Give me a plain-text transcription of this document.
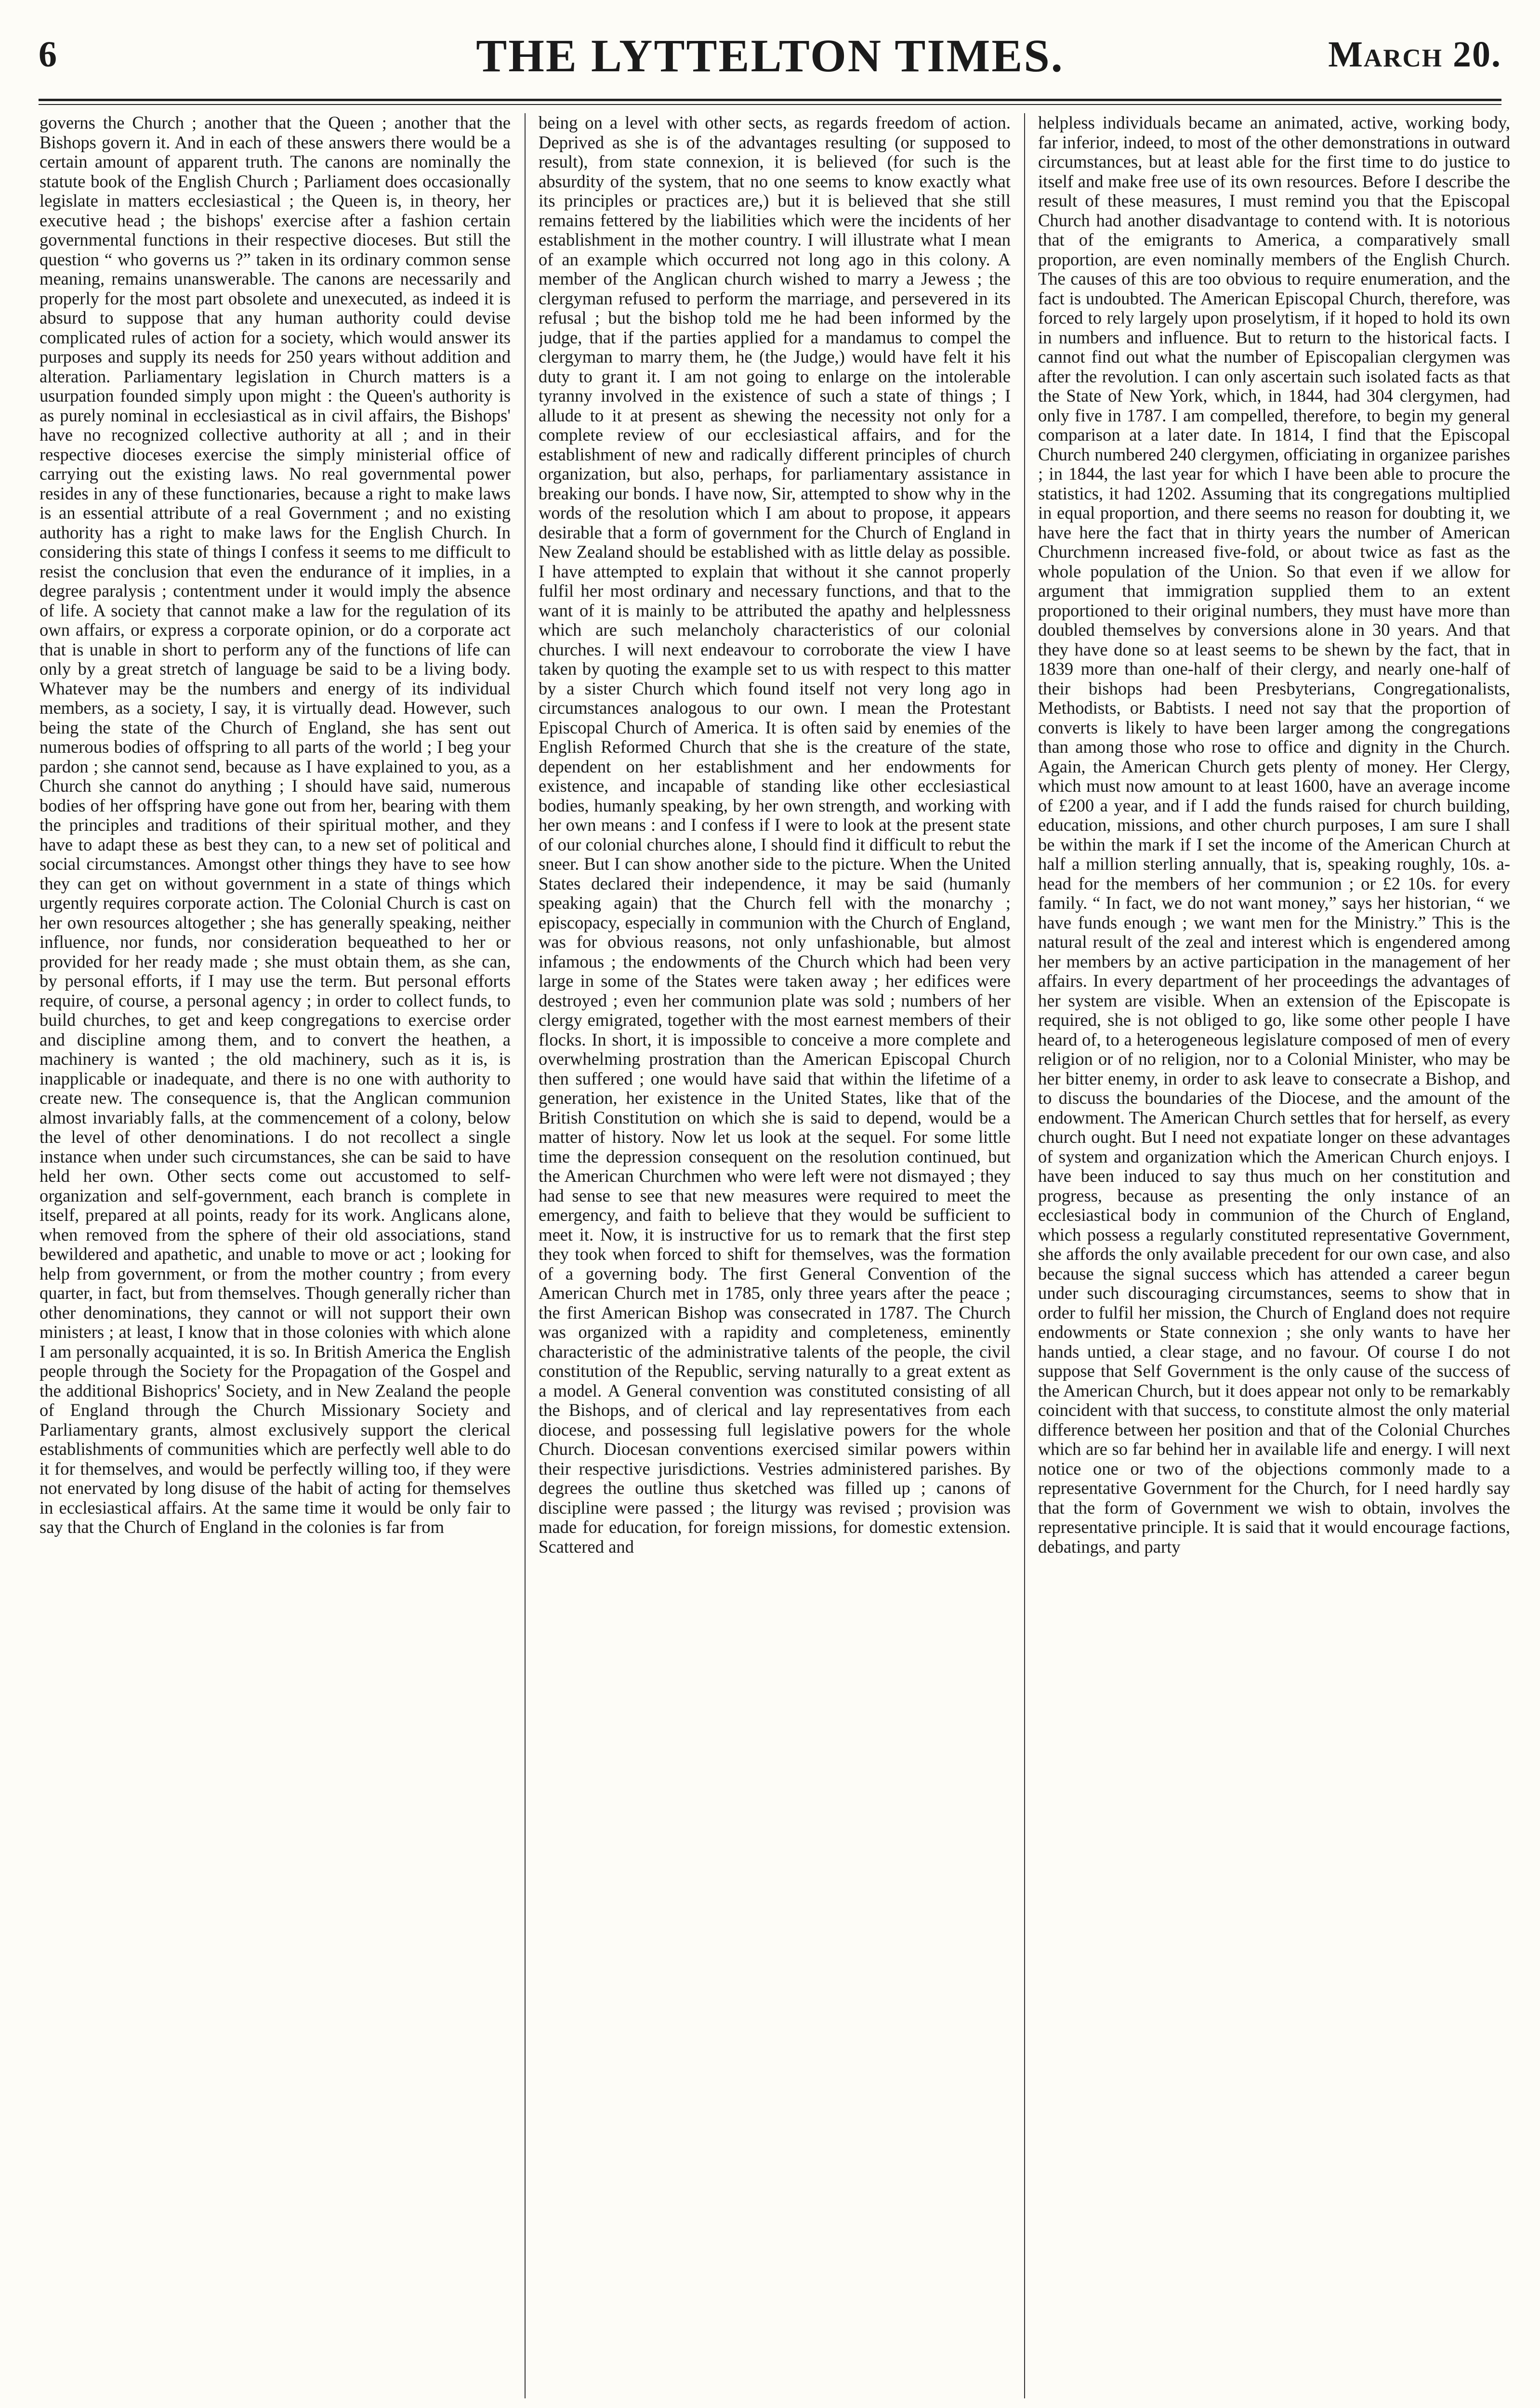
6	THE LYTTELTON TIMES.	March 20.

governs the Church ; another that the Queen ; another that the Bishops govern it. And in each of these answers there would be a certain amount of apparent truth. The canons are nominally the statute book of the English Church ; Parliament does occasionally legislate in matters ecclesiastical ; the Queen is, in theory, her executive head ; the bishops' exercise after a fashion certain governmental functions in their respective dioceses. But still the question “ who governs us ?” taken in its ordinary common sense meaning, remains unanswerable. The canons are necessarily and properly for the most part obsolete and unexecuted, as indeed it is absurd to suppose that any human authority could devise complicated rules of action for a society, which would answer its purposes and supply its needs for 250 years without addition and alteration. Parliamentary legislation in Church matters is a usurpation founded simply upon might : the Queen's authority is as purely nominal in ecclesiastical as in civil affairs, the Bishops' have no recognized collective authority at all ; and in their respective dioceses exercise the simply ministerial office of carrying out the existing laws. No real governmental power resides in any of these functionaries, because a right to make laws is an essential attribute of a real Government ; and no existing authority has a right to make laws for the English Church. In considering this state of things I confess it seems to me difficult to resist the conclusion that even the endurance of it implies, in a degree paralysis ; contentment under it would imply the absence of life. A society that cannot make a law for the regulation of its own affairs, or express a corporate opinion, or do a corporate act that is unable in short to perform any of the functions of life can only by a great stretch of language be said to be a living body. Whatever may be the numbers and energy of its individual members, as a society, I say, it is virtually dead. However, such being the state of the Church of England, she has sent out numerous bodies of offspring to all parts of the world ; I beg your pardon ; she cannot send, because as I have explained to you, as a Church she cannot do anything ; I should have said, numerous bodies of her offspring have gone out from her, bearing with them the principles and traditions of their spiritual mother, and they have to adapt these as best they can, to a new set of political and social circumstances. Amongst other things they have to see how they can get on without government in a state of things which urgently requires corporate action. The Colonial Church is cast on her own resources altogether ; she has generally speaking, neither influence, nor funds, nor consideration bequeathed to her or provided for her ready made ; she must obtain them, as she can, by personal efforts, if I may use the term. But personal efforts require, of course, a personal agency ; in order to collect funds, to build churches, to get and keep congregations to exercise order and discipline among them, and to convert the heathen, a machinery is wanted ; the old machinery, such as it is, is inapplicable or inadequate, and there is no one with authority to create new. The consequence is, that the Anglican communion almost invariably falls, at the commencement of a colony, below the level of other denominations. I do not recollect a single instance when under such circumstances, she can be said to have held her own. Other sects come out accustomed to self-organization and self-government, each branch is complete in itself, prepared at all points, ready for its work. Anglicans alone, when removed from the sphere of their old associations, stand bewildered and apathetic, and unable to move or act ; looking for help from government, or from the mother country ; from every quarter, in fact, but from themselves. Though generally richer than other denominations, they cannot or will not support their own ministers ; at least, I know that in those colonies with which alone I am personally acquainted, it is so. In British America the English people through the Society for the Propagation of the Gospel and the additional Bishoprics' Society, and in New Zealand the people of England through the Church Missionary Society and Parliamentary grants, almost exclusively support the clerical establishments of communities which are perfectly well able to do it for themselves, and would be perfectly willing too, if they were not enervated by long disuse of the habit of acting for themselves in ecclesiastical affairs. At the same time it would be only fair to say that the Church of England in the colonies is far from

being on a level with other sects, as regards freedom of action. Deprived as she is of the advantages resulting (or supposed to result), from state connexion, it is believed (for such is the absurdity of the system, that no one seems to know exactly what its principles or practices are,) but it is believed that she still remains fettered by the liabilities which were the incidents of her establishment in the mother country. I will illustrate what I mean of an example which occurred not long ago in this colony. A member of the Anglican church wished to marry a Jewess ; the clergyman refused to perform the marriage, and persevered in its refusal ; but the bishop told me he had been informed by the judge, that if the parties applied for a mandamus to compel the clergyman to marry them, he (the Judge,) would have felt it his duty to grant it. I am not going to enlarge on the intolerable tyranny involved in the existence of such a state of things ; I allude to it at present as shewing the necessity not only for a complete review of our ecclesiastical affairs, and for the establishment of new and radically different principles of church organization, but also, perhaps, for parliamentary assistance in breaking our bonds. I have now, Sir, attempted to show why in the words of the resolution which I am about to propose, it appears desirable that a form of government for the Church of England in New Zealand should be established with as little delay as possible. I have attempted to explain that without it she cannot properly fulfil her most ordinary and necessary functions, and that to the want of it is mainly to be attributed the apathy and helplessness which are such melancholy characteristics of our colonial churches. I will next endeavour to corroborate the view I have taken by quoting the example set to us with respect to this matter by a sister Church which found itself not very long ago in circumstances analogous to our own. I mean the Protestant Episcopal Church of America. It is often said by enemies of the English Reformed Church that she is the creature of the state, dependent on her establishment and her endowments for existence, and incapable of standing like other ecclesiastical bodies, humanly speaking, by her own strength, and working with her own means : and I confess if I were to look at the present state of our colonial churches alone, I should find it difficult to rebut the sneer. But I can show another side to the picture. When the United States declared their independence, it may be said (humanly speaking again) that the Church fell with the monarchy ; episcopacy, especially in communion with the Church of England, was for obvious reasons, not only unfashionable, but almost infamous ; the endowments of the Church which had been very large in some of the States were taken away ; her edifices were destroyed ; even her communion plate was sold ; numbers of her clergy emigrated, together with the most earnest members of their flocks. In short, it is impossible to conceive a more complete and overwhelming prostration than the American Episcopal Church then suffered ; one would have said that within the lifetime of a generation, her existence in the United States, like that of the British Constitution on which she is said to depend, would be a matter of history. Now let us look at the sequel. For some little time the depression consequent on the resolution continued, but the American Churchmen who were left were not dismayed ; they had sense to see that new measures were required to meet the emergency, and faith to believe that they would be sufficient to meet it. Now, it is instructive for us to remark that the first step they took when forced to shift for themselves, was the formation of a governing body. The first General Convention of the American Church met in 1785, only three years after the peace ; the first American Bishop was consecrated in 1787. The Church was organized with a rapidity and completeness, eminently characteristic of the administrative talents of the people, the civil constitution of the Republic, serving naturally to a great extent as a model. A General convention was constituted consisting of all the Bishops, and of clerical and lay representatives from each diocese, and possessing full legislative powers for the whole Church. Diocesan conventions exercised similar powers within their respective jurisdictions. Vestries administered parishes. By degrees the outline thus sketched was filled up ; canons of discipline were passed ; the liturgy was revised ; provision was made for education, for foreign missions, for domestic extension. Scattered and

helpless individuals became an animated, active, working body, far inferior, indeed, to most of the other demonstrations in outward circumstances, but at least able for the first time to do justice to itself and make free use of its own resources. Before I describe the result of these measures, I must remind you that the Episcopal Church had another disadvantage to contend with. It is notorious that of the emigrants to America, a comparatively small proportion, are even nominally members of the English Church. The causes of this are too obvious to require enumeration, and the fact is undoubted. The American Episcopal Church, therefore, was forced to rely largely upon proselytism, if it hoped to hold its own in numbers and influence. But to return to the historical facts. I cannot find out what the number of Episcopalian clergymen was after the revolution. I can only ascertain such isolated facts as that the State of New York, which, in 1844, had 304 clergymen, had only five in 1787. I am compelled, therefore, to begin my general comparison at a later date. In 1814, I find that the Episcopal Church numbered 240 clergymen, officiating in organizee parishes ; in 1844, the last year for which I have been able to procure the statistics, it had 1202. Assuming that its congregations multiplied in equal proportion, and there seems no reason for doubting it, we have here the fact that in thirty years the number of American Churchmenn increased five-fold, or about twice as fast as the whole population of the Union. So that even if we allow for argument that immigration supplied them to an extent proportioned to their original numbers, they must have more than doubled themselves by conversions alone in 30 years. And that they have done so at least seems to be shewn by the fact, that in 1839 more than one-half of their clergy, and nearly one-half of their bishops had been Presbyterians, Congregationalists, Methodists, or Babtists. I need not say that the proportion of converts is likely to have been larger among the congregations than among those who rose to office and dignity in the Church. Again, the American Church gets plenty of money. Her Clergy, which must now amount to at least 1600, have an average income of £200 a year, and if I add the funds raised for church building, education, missions, and other church purposes, I am sure I shall be within the mark if I set the income of the American Church at half a million sterling annually, that is, speaking roughly, 10s. a-head for the members of her communion ; or £2 10s. for every family. “ In fact, we do not want money,” says her historian, “ we have funds enough ; we want men for the Ministry.” This is the natural result of the zeal and interest which is engendered among her members by an active participation in the management of her affairs. In every department of her proceedings the advantages of her system are visible. When an extension of the Episcopate is required, she is not obliged to go, like some other people I have heard of, to a heterogeneous legislature composed of men of every religion or of no religion, nor to a Colonial Minister, who may be her bitter enemy, in order to ask leave to consecrate a Bishop, and to discuss the boundaries of the Diocese, and the amount of the endowment. The American Church settles that for herself, as every church ought. But I need not expatiate longer on these advantages of system and organization which the American Church enjoys. I have been induced to say thus much on her constitution and progress, because as presenting the only instance of an ecclesiastical body in communion of the Church of England, which possess a regularly constituted representative Government, she affords the only available precedent for our own case, and also because the signal success which has attended a career begun under such discouraging circumstances, seems to show that in order to fulfil her mission, the Church of England does not require endowments or State connexion ; she only wants to have her hands untied, a clear stage, and no favour. Of course I do not suppose that Self Government is the only cause of the success of the American Church, but it does appear not only to be remarkably coincident with that success, to constitute almost the only material difference between her position and that of the Colonial Churches which are so far behind her in available life and energy. I will next notice one or two of the objections commonly made to a representative Government for the Church, for I need hardly say that the form of Government we wish to obtain, involves the representative principle. It is said that it would encourage factions, debatings, and party
